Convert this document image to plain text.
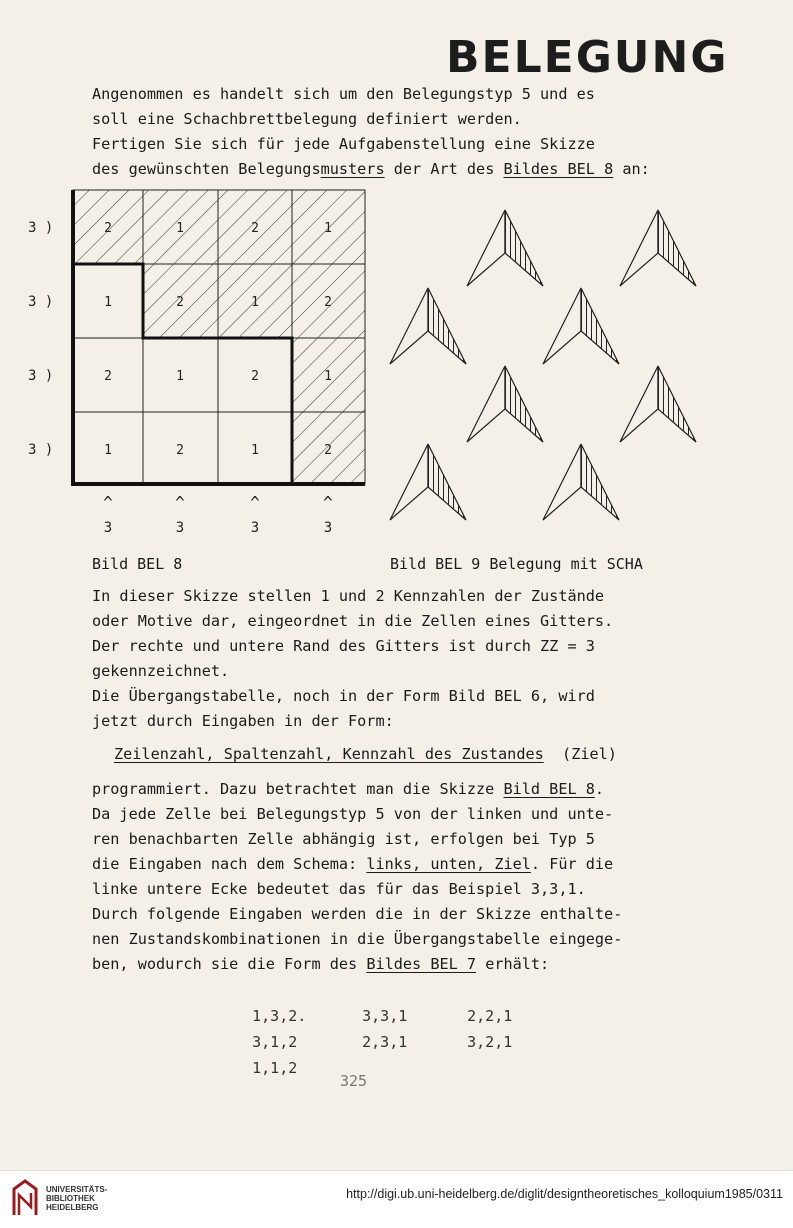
BELEGUNG
Angenommen es handelt sich um den Belegungstyp 5 und es
soll eine Schachbrettbelegung definiert werden.
Fertigen Sie sich für jede Aufgabenstellung eine Skizze
des gewünschten Belegungsmusters der Art des Bildes BEL 8 an:
2	1	2	1
1	2	1	2
2	1	2	1
1	2	1	2
3 )
3 )
3 )
3 )
^	^	^	^
3	3	3	3
Bild BEL 8	Bild BEL 9 Belegung mit SCHA
In dieser Skizze stellen 1 und 2 Kennzahlen der Zustände
oder Motive dar, eingeordnet in die Zellen eines Gitters.
Der rechte und untere Rand des Gitters ist durch ZZ = 3
gekennzeichnet.
Die Übergangstabelle, noch in der Form Bild BEL 6, wird
jetzt durch Eingaben in der Form:
Zeilenzahl, Spaltenzahl, Kennzahl des Zustandes  (Ziel)
programmiert. Dazu betrachtet man die Skizze Bild BEL 8.
Da jede Zelle bei Belegungstyp 5 von der linken und unte-
ren benachbarten Zelle abhängig ist, erfolgen bei Typ 5
die Eingaben nach dem Schema: links, unten, Ziel. Für die
linke untere Ecke bedeutet das für das Beispiel 3,3,1.
Durch folgende Eingaben werden die in der Skizze enthalte-
nen Zustandskombinationen in die Übergangstabelle eingege-
ben, wodurch sie die Form des Bildes BEL 7 erhält:

1,3,2.	3,3,1	2,2,1

3,1,2	2,3,1	3,2,1

1,1,2

325
UNIVERSITÄTS-
BIBLIOTHEK
HEIDELBERG
http://digi.ub.uni-heidelberg.de/diglit/designtheoretisches_kolloquium1985/0311
